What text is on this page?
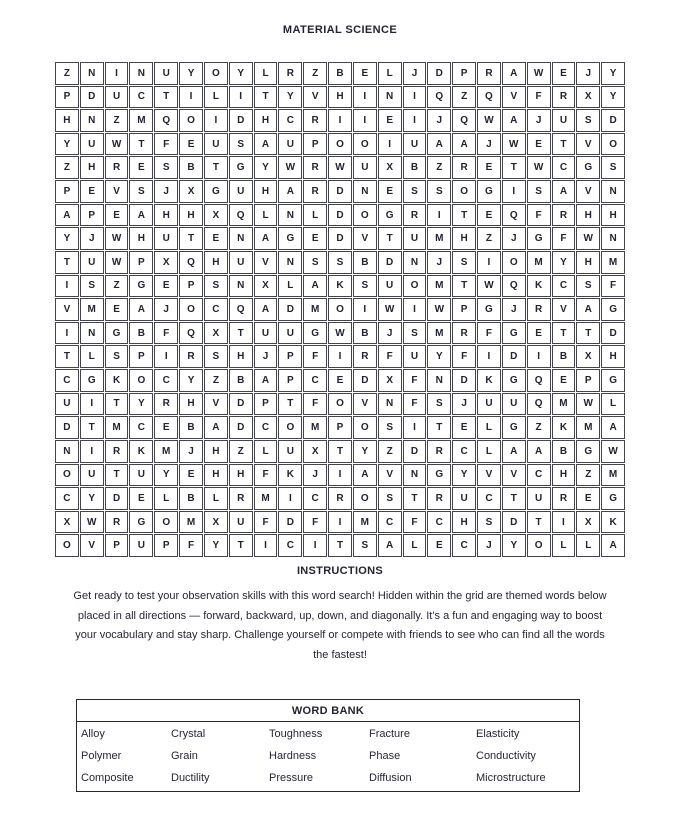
MATERIAL SCIENCE
Z	N	I	N	U	Y	O	Y	L	R	Z	B	E	L	J	D	P	R	A	W	E	J	Y
P	D	U	C	T	I	L	I	T	Y	V	H	I	N	I	Q	Z	Q	V	F	R	X	Y
H	N	Z	M	Q	O	I	D	H	C	R	I	I	E	I	J	Q	W	A	J	U	S	D
Y	U	W	T	F	E	U	S	A	U	P	O	O	I	U	A	A	J	W	E	T	V	O
Z	H	R	E	S	B	T	G	Y	W	R	W	U	X	B	Z	R	E	T	W	C	G	S
P	E	V	S	J	X	G	U	H	A	R	D	N	E	S	S	O	G	I	S	A	V	N
A	P	E	A	H	H	X	Q	L	N	L	D	O	G	R	I	T	E	Q	F	R	H	H
Y	J	W	H	U	T	E	N	A	G	E	D	V	T	U	M	H	Z	J	G	F	W	N
T	U	W	P	X	Q	H	U	V	N	S	S	B	D	N	J	S	I	O	M	Y	H	M
I	S	Z	G	E	P	S	N	X	L	A	K	S	U	O	M	T	W	Q	K	C	S	F
V	M	E	A	J	O	C	Q	A	D	M	O	I	W	I	W	P	G	J	R	V	A	G
I	N	G	B	F	Q	X	T	U	U	G	W	B	J	S	M	R	F	G	E	T	T	D
T	L	S	P	I	R	S	H	J	P	F	I	R	F	U	Y	F	I	D	I	B	X	H
C	G	K	O	C	Y	Z	B	A	P	C	E	D	X	F	N	D	K	G	Q	E	P	G
U	I	T	Y	R	H	V	D	P	T	F	O	V	N	F	S	J	U	U	Q	M	W	L
D	T	M	C	E	B	A	D	C	O	M	P	O	S	I	T	E	L	G	Z	K	M	A
N	I	R	K	M	J	H	Z	L	U	X	T	Y	Z	D	R	C	L	A	A	B	G	W
O	U	T	U	Y	E	H	H	F	K	J	I	A	V	N	G	Y	V	V	C	H	Z	M
C	Y	D	E	L	B	L	R	M	I	C	R	O	S	T	R	U	C	T	U	R	E	G
X	W	R	G	O	M	X	U	F	D	F	I	M	C	F	C	H	S	D	T	I	X	K
O	V	P	U	P	F	Y	T	I	C	I	T	S	A	L	E	C	J	Y	O	L	L	A
INSTRUCTIONS
Get ready to test your observation skills with this word search! Hidden within the grid are themed words below placed in all directions — forward, backward, up, down, and diagonally. It’s a fun and engaging way to boost your vocabulary and stay sharp. Challenge yourself or compete with friends to see who can find all the words the fastest!
WORD BANK
Alloy	Crystal	Toughness	Fracture	Elasticity
Polymer	Grain	Hardness	Phase	Conductivity
Composite	Ductility	Pressure	Diffusion	Microstructure
